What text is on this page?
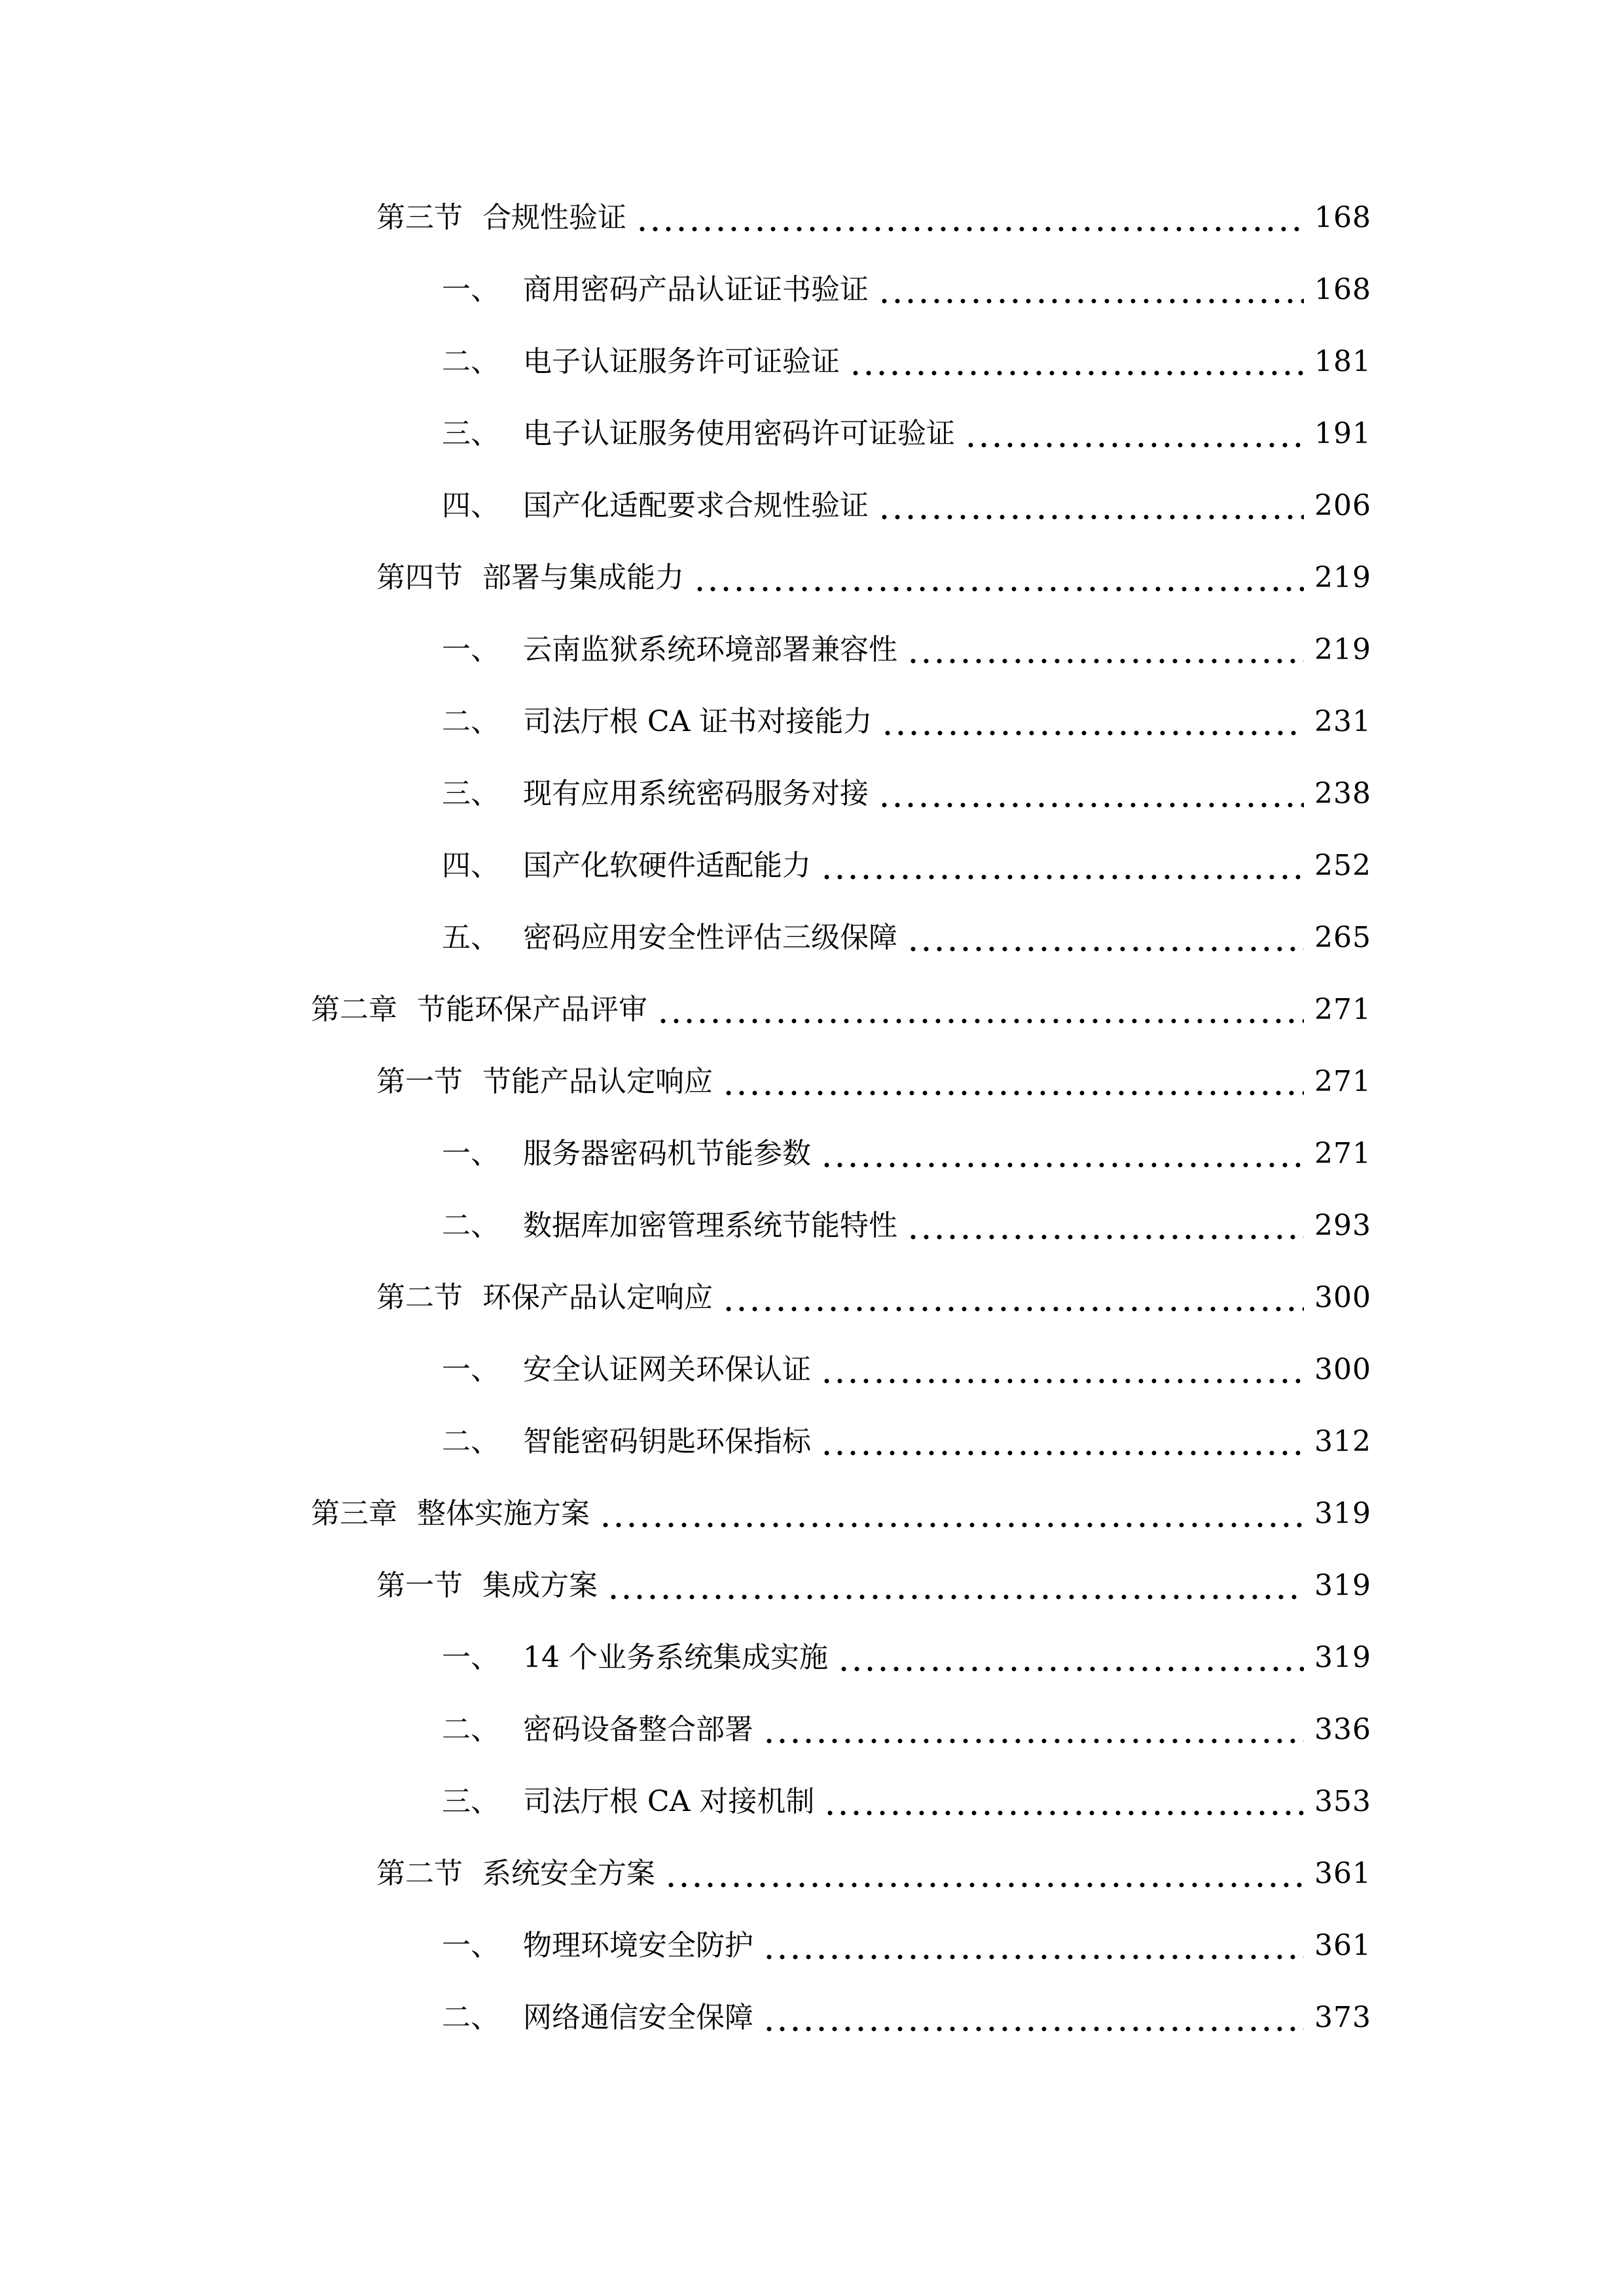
第三节 合规性验证	168
一、 商用密码产品认证证书验证	168
二、 电子认证服务许可证验证	181
三、 电子认证服务使用密码许可证验证	191
四、 国产化适配要求合规性验证	206
第四节 部署与集成能力	219
一、 云南监狱系统环境部署兼容性	219
二、 司法厅根 CA 证书对接能力	231
三、 现有应用系统密码服务对接	238
四、 国产化软硬件适配能力	252
五、 密码应用安全性评估三级保障	265
第二章 节能环保产品评审	271
第一节 节能产品认定响应	271
一、 服务器密码机节能参数	271
二、 数据库加密管理系统节能特性	293
第二节 环保产品认定响应	300
一、 安全认证网关环保认证	300
二、 智能密码钥匙环保指标	312
第三章 整体实施方案	319
第一节 集成方案	319
一、 14 个业务系统集成实施	319
二、 密码设备整合部署	336
三、 司法厅根 CA 对接机制	353
第二节 系统安全方案	361
一、 物理环境安全防护	361
二、 网络通信安全保障	373
